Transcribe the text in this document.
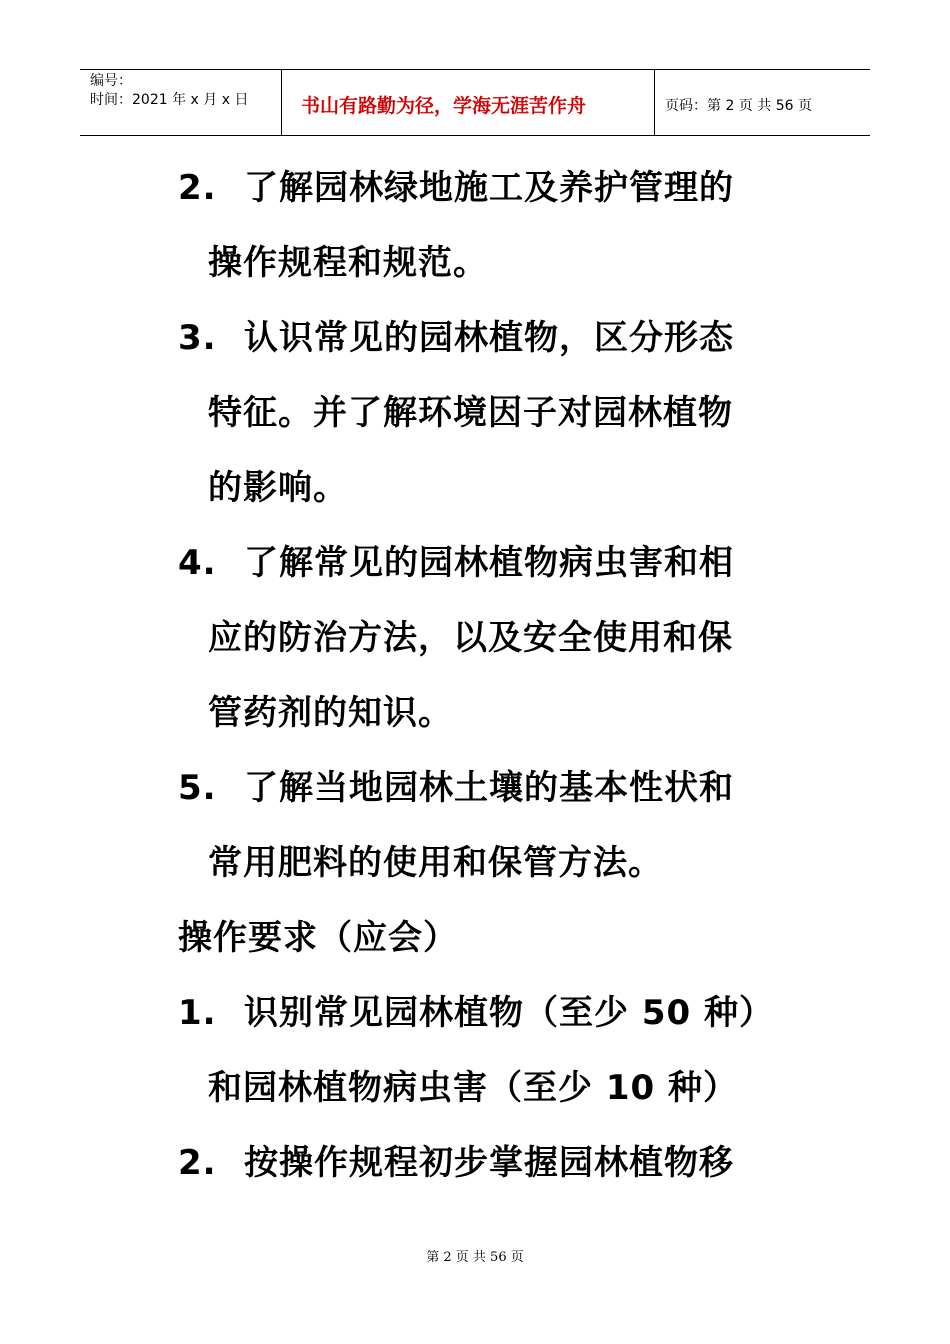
编号：
时间：2021 年 x 月 x 日	书山有路勤为径，学海无涯苦作舟	页码：第 2 页 共 56 页
2. 了解园林绿地施工及养护管理的
操作规程和规范。
3. 认识常见的园林植物，区分形态
特征。并了解环境因子对园林植物
的影响。
4. 了解常见的园林植物病虫害和相
应的防治方法，以及安全使用和保
管药剂的知识。
5. 了解当地园林土壤的基本性状和
常用肥料的使用和保管方法。
操作要求（应会）
1. 识别常见园林植物（至少 50 种）
和园林植物病虫害（至少 10 种）
2. 按操作规程初步掌握园林植物移
第 2 页 共 56 页
